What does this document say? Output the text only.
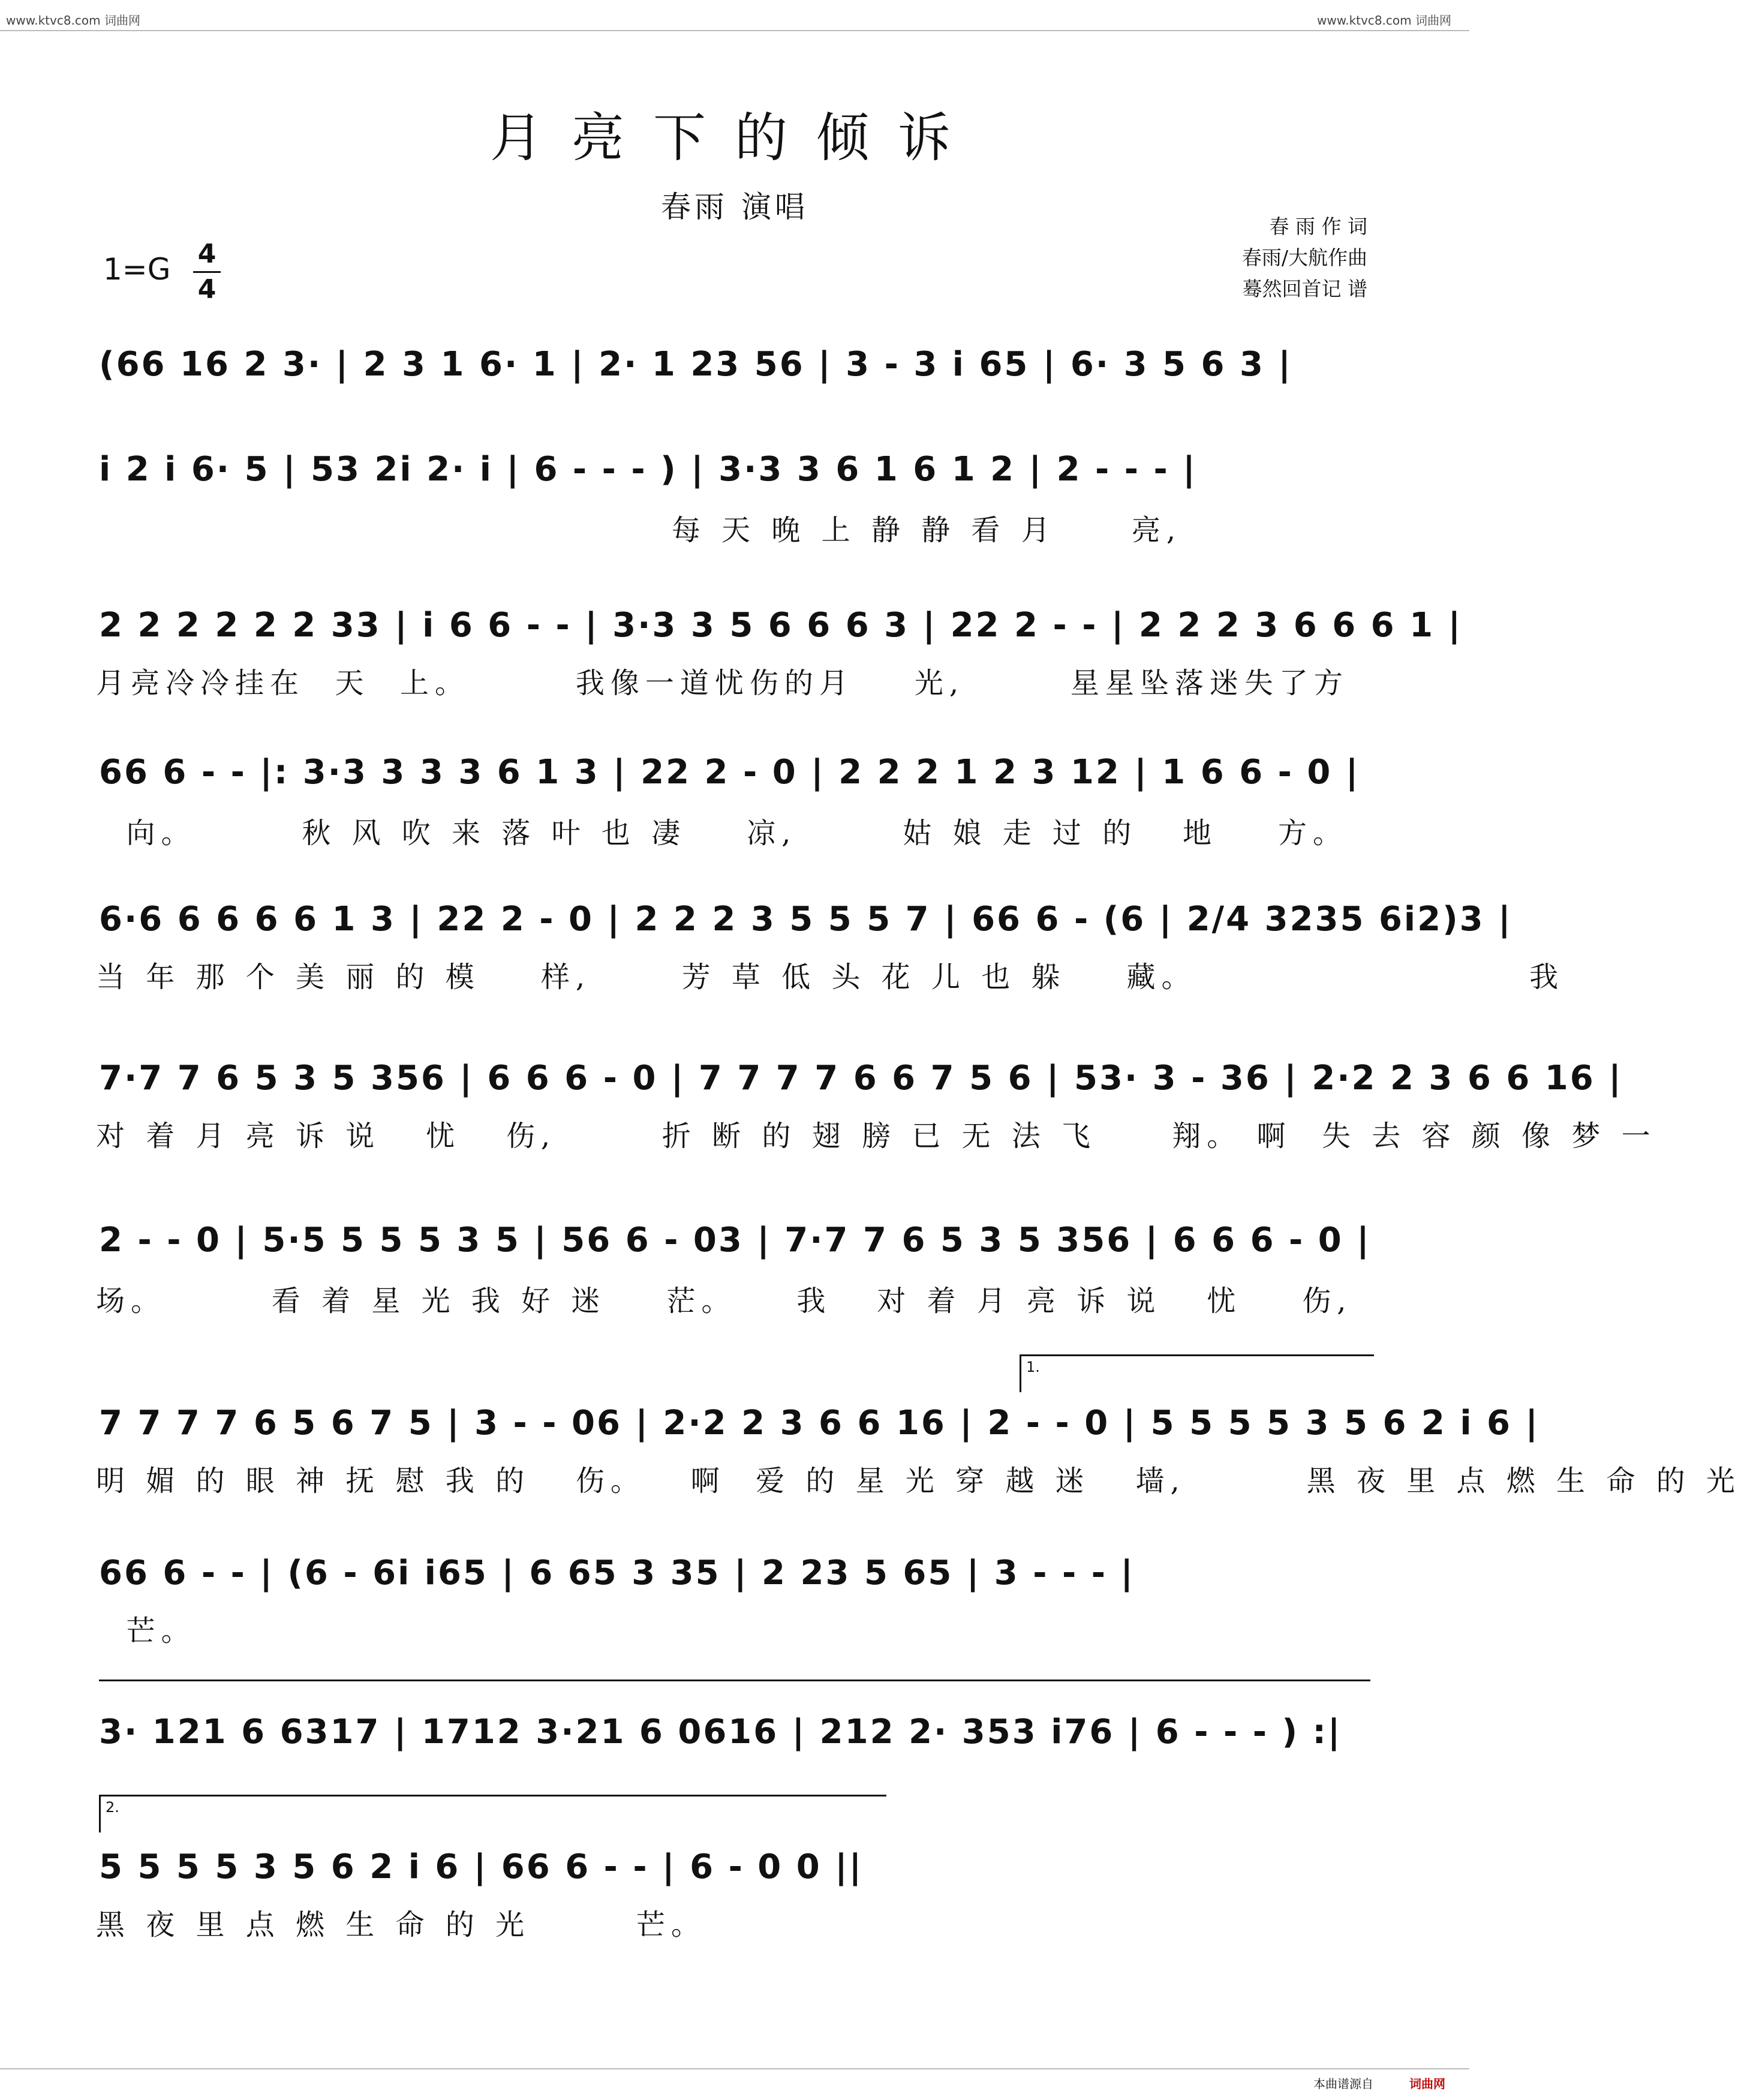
www.ktvc8.com 词曲网	www.ktvc8.com 词曲网
月亮下的倾诉
春雨 演唱
春 雨 作 词
春雨/大航作曲
蓦然回首记 谱
1=G 4
4
1.
2.
(66 16 2 3· | 2 3 1 6· 1 | 2· 1 23 56 | 3 - 3 i 65 | 6· 3 5 6 3 |
i 2 i 6· 5 | 53 2i 2· i | 6 - - - ) | 3·3 3 6 1 6 1 2 | 2 - - - |
每 天 晚 上 静 静 看 月     亮,
2 2 2 2 2 2 33 | i 6 6 - - | 3·3 3 5 6 6 6 3 | 22 2 - - | 2 2 2 3 6 6 6 1 |
月亮冷冷挂在  天  上。       我像一道忧伤的月    光,       星星坠落迷失了方
66 6 - - |: 3·3 3 3 3 6 1 3 | 22 2 - 0 | 2 2 2 1 2 3 12 | 1 6 6 - 0 |
向。       秋 风 吹 来 落 叶 也 凄    凉,       姑 娘 走 过 的   地    方。
6·6 6 6 6 6 1 3 | 22 2 - 0 | 2 2 2 3 5 5 5 7 | 66 6 - (6 | 2/4 3235 6i2)3 |
当 年 那 个 美 丽 的 模    样,      芳 草 低 头 花 儿 也 躲    藏。                      我
7·7 7 6 5 3 5 356 | 6 6 6 - 0 | 7 7 7 7 6 6 7 5 6 | 53· 3 - 36 | 2·2 2 3 6 6 16 |
对 着 月 亮 诉 说   忧   伤,       折 断 的 翅 膀 已 无 法 飞     翔。 啊  失 去 容 颜 像 梦 一
2 - - 0 | 5·5 5 5 5 3 5 | 56 6 - 03 | 7·7 7 6 5 3 5 356 | 6 6 6 - 0 |
场。       看 着 星 光 我 好 迷    茫。    我   对 着 月 亮 诉 说   忧    伤,
7 7 7 7 6 5 6 7 5 | 3 - - 06 | 2·2 2 3 6 6 16 | 2 - - 0 | 5 5 5 5 3 5 6 2 i 6 |
明 媚 的 眼 神 抚 慰 我 的   伤。   啊  爱 的 星 光 穿 越 迷   墙,        黑 夜 里 点 燃 生 命 的 光
66 6 - - | (6 - 6i i65 | 6 65 3 35 | 2 23 5 65 | 3 - - - |
芒。
3· 121 6 6317 | 1712 3·21 6 0616 | 212 2· 353 i76 | 6 - - - ) :|
5 5 5 5 3 5 6 2 i 6 | 66 6 - - | 6 - 0 0 ||
黑 夜 里 点 燃 生 命 的 光       芒。
本曲谱源自	词曲网
